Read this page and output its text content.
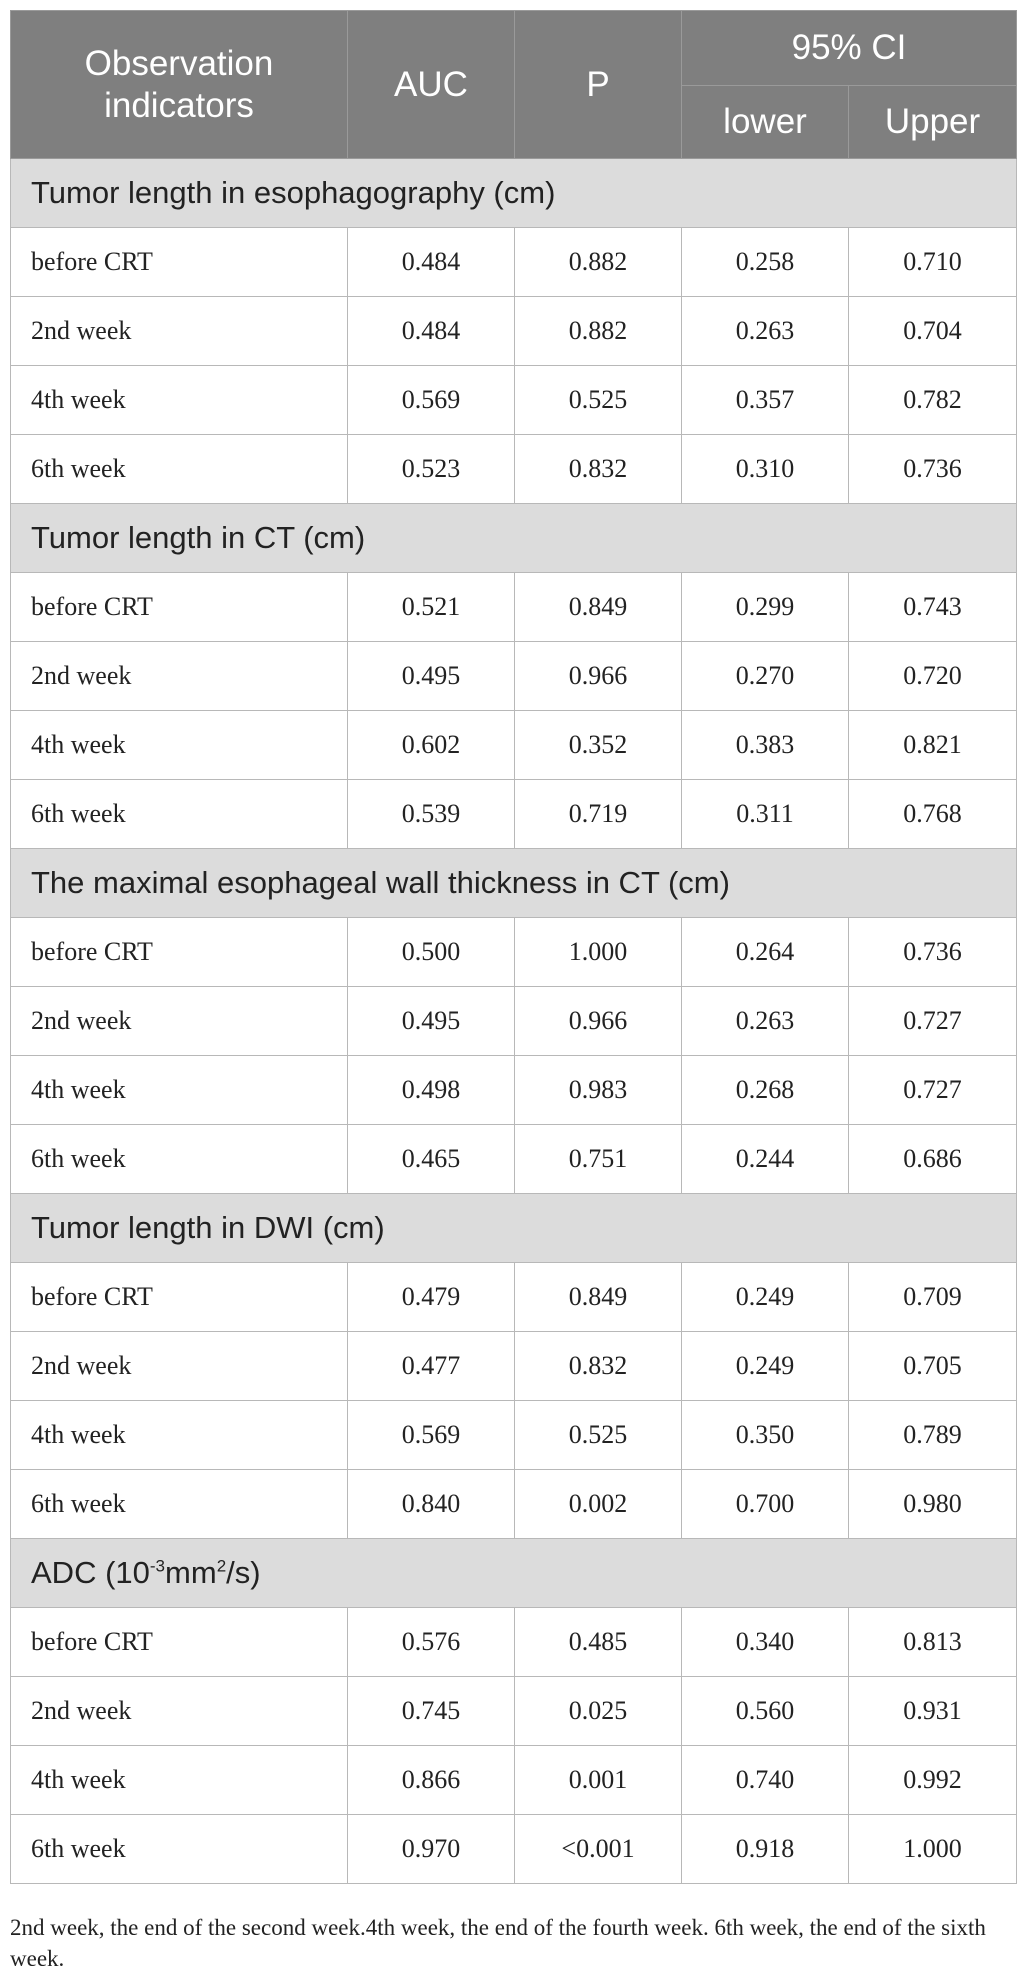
Observation indicators	AUC	P	95% CI	
			lower	Upper
Tumor length in esophagography (cm)				
before CRT	0.484	0.882	0.258	0.710
2nd week	0.484	0.882	0.263	0.704
4th week	0.569	0.525	0.357	0.782
6th week	0.523	0.832	0.310	0.736
Tumor length in CT (cm)				
before CRT	0.521	0.849	0.299	0.743
2nd week	0.495	0.966	0.270	0.720
4th week	0.602	0.352	0.383	0.821
6th week	0.539	0.719	0.311	0.768
The maximal esophageal wall thickness in CT (cm)				
before CRT	0.500	1.000	0.264	0.736
2nd week	0.495	0.966	0.263	0.727
4th week	0.498	0.983	0.268	0.727
6th week	0.465	0.751	0.244	0.686
Tumor length in DWI (cm)				
before CRT	0.479	0.849	0.249	0.709
2nd week	0.477	0.832	0.249	0.705
4th week	0.569	0.525	0.350	0.789
6th week	0.840	0.002	0.700	0.980
ADC $(10^{-3}mm^2/s)$				
before CRT	0.576	0.485	0.340	0.813
2nd week	0.745	0.025	0.560	0.931
4th week	0.866	0.001	0.740	0.992
6th week	0.970	<0.001	0.918	1.000
2nd week, the end of the second week.4th week, the end of the fourth week. 6th week, the end of the sixth week.
